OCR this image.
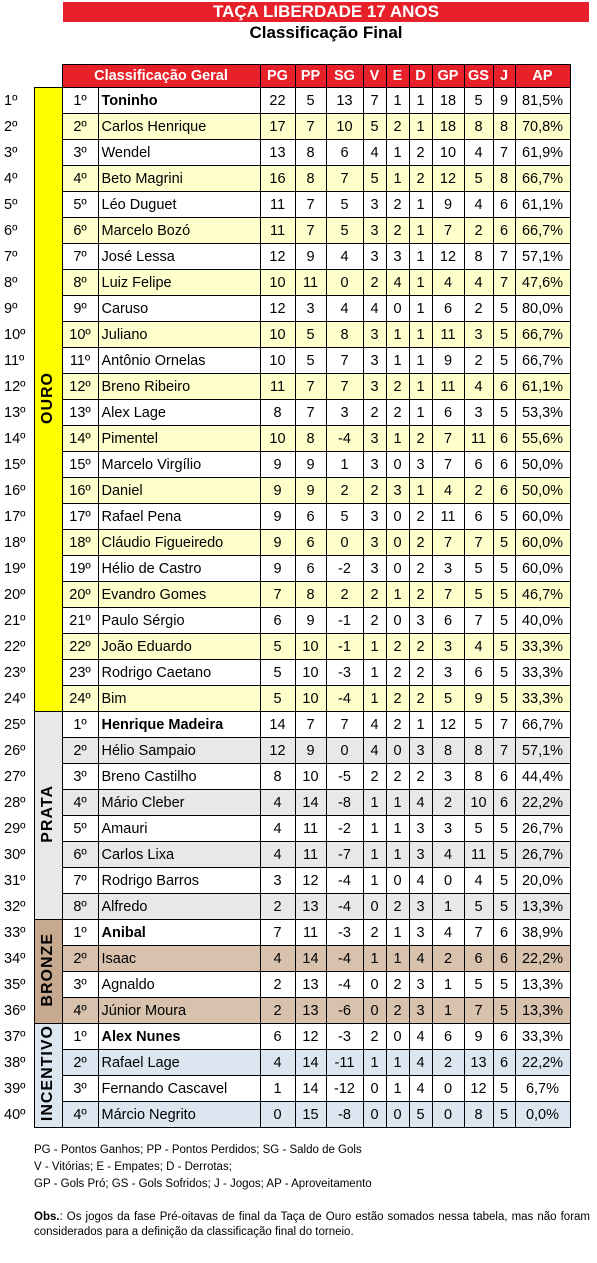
TAÇA LIBERDADE 17 ANOS
Classificação Final
		Classificação Geral		PG	PP	SG	V	E	D	GP	GS	J	AP
1º	OURO	1º	Toninho	22	5	13	7	1	1	18	5	9	81,5%
2º		2º	Carlos Henrique	17	7	10	5	2	1	18	8	8	70,8%
3º		3º	Wendel	13	8	6	4	1	2	10	4	7	61,9%
4º		4º	Beto Magrini	16	8	7	5	1	2	12	5	8	66,7%
5º		5º	Léo Duguet	11	7	5	3	2	1	9	4	6	61,1%
6º		6º	Marcelo Bozó	11	7	5	3	2	1	7	2	6	66,7%
7º		7º	José Lessa	12	9	4	3	3	1	12	8	7	57,1%
8º		8º	Luiz Felipe	10	11	0	2	4	1	4	4	7	47,6%
9º		9º	Caruso	12	3	4	4	0	1	6	2	5	80,0%
10º		10º	Juliano	10	5	8	3	1	1	11	3	5	66,7%
11º		11º	Antônio Ornelas	10	5	7	3	1	1	9	2	5	66,7%
12º		12º	Breno Ribeiro	11	7	7	3	2	1	11	4	6	61,1%
13º		13º	Alex Lage	8	7	3	2	2	1	6	3	5	53,3%
14º		14º	Pimentel	10	8	-4	3	1	2	7	11	6	55,6%
15º		15º	Marcelo Virgílio	9	9	1	3	0	3	7	6	6	50,0%
16º		16º	Daniel	9	9	2	2	3	1	4	2	6	50,0%
17º		17º	Rafael Pena	9	6	5	3	0	2	11	6	5	60,0%
18º		18º	Cláudio Figueiredo	9	6	0	3	0	2	7	7	5	60,0%
19º		19º	Hélio de Castro	9	6	-2	3	0	2	3	5	5	60,0%
20º		20º	Evandro Gomes	7	8	2	2	1	2	7	5	5	46,7%
21º		21º	Paulo Sérgio	6	9	-1	2	0	3	6	7	5	40,0%
22º		22º	João Eduardo	5	10	-1	1	2	2	3	4	5	33,3%
23º		23º	Rodrigo Caetano	5	10	-3	1	2	2	3	6	5	33,3%
24º		24º	Bim	5	10	-4	1	2	2	5	9	5	33,3%
25º	PRATA	1º	Henrique Madeira	14	7	7	4	2	1	12	5	7	66,7%
26º		2º	Hélio Sampaio	12	9	0	4	0	3	8	8	7	57,1%
27º		3º	Breno Castilho	8	10	-5	2	2	2	3	8	6	44,4%
28º		4º	Mário Cleber	4	14	-8	1	1	4	2	10	6	22,2%
29º		5º	Amauri	4	11	-2	1	1	3	3	5	5	26,7%
30º		6º	Carlos Lixa	4	11	-7	1	1	3	4	11	5	26,7%
31º		7º	Rodrigo Barros	3	12	-4	1	0	4	0	4	5	20,0%
32º		8º	Alfredo	2	13	-4	0	2	3	1	5	5	13,3%
33º	BRONZE	1º	Anibal	7	11	-3	2	1	3	4	7	6	38,9%
34º		2º	Isaac	4	14	-4	1	1	4	2	6	6	22,2%
35º		3º	Agnaldo	2	13	-4	0	2	3	1	5	5	13,3%
36º		4º	Júnior Moura	2	13	-6	0	2	3	1	7	5	13,3%
37º	INCENTIVO	1º	Alex Nunes	6	12	-3	2	0	4	6	9	6	33,3%
38º		2º	Rafael Lage	4	14	-11	1	1	4	2	13	6	22,2%
39º		3º	Fernando Cascavel	1	14	-12	0	1	4	0	12	5	6,7%
40º		4º	Márcio Negrito	0	15	-8	0	0	5	0	8	5	0,0%
PG - Pontos Ganhos; PP - Pontos Perdidos; SG - Saldo de Gols
V - Vitórias; E - Empates; D - Derrotas;
GP - Gols Pró; GS - Gols Sofridos; J - Jogos; AP - Aproveitamento
Obs.: Os jogos da fase Pré-oitavas de final da Taça de Ouro estão somados nessa tabela, mas não foram considerados para a definição da classificação final do torneio.
